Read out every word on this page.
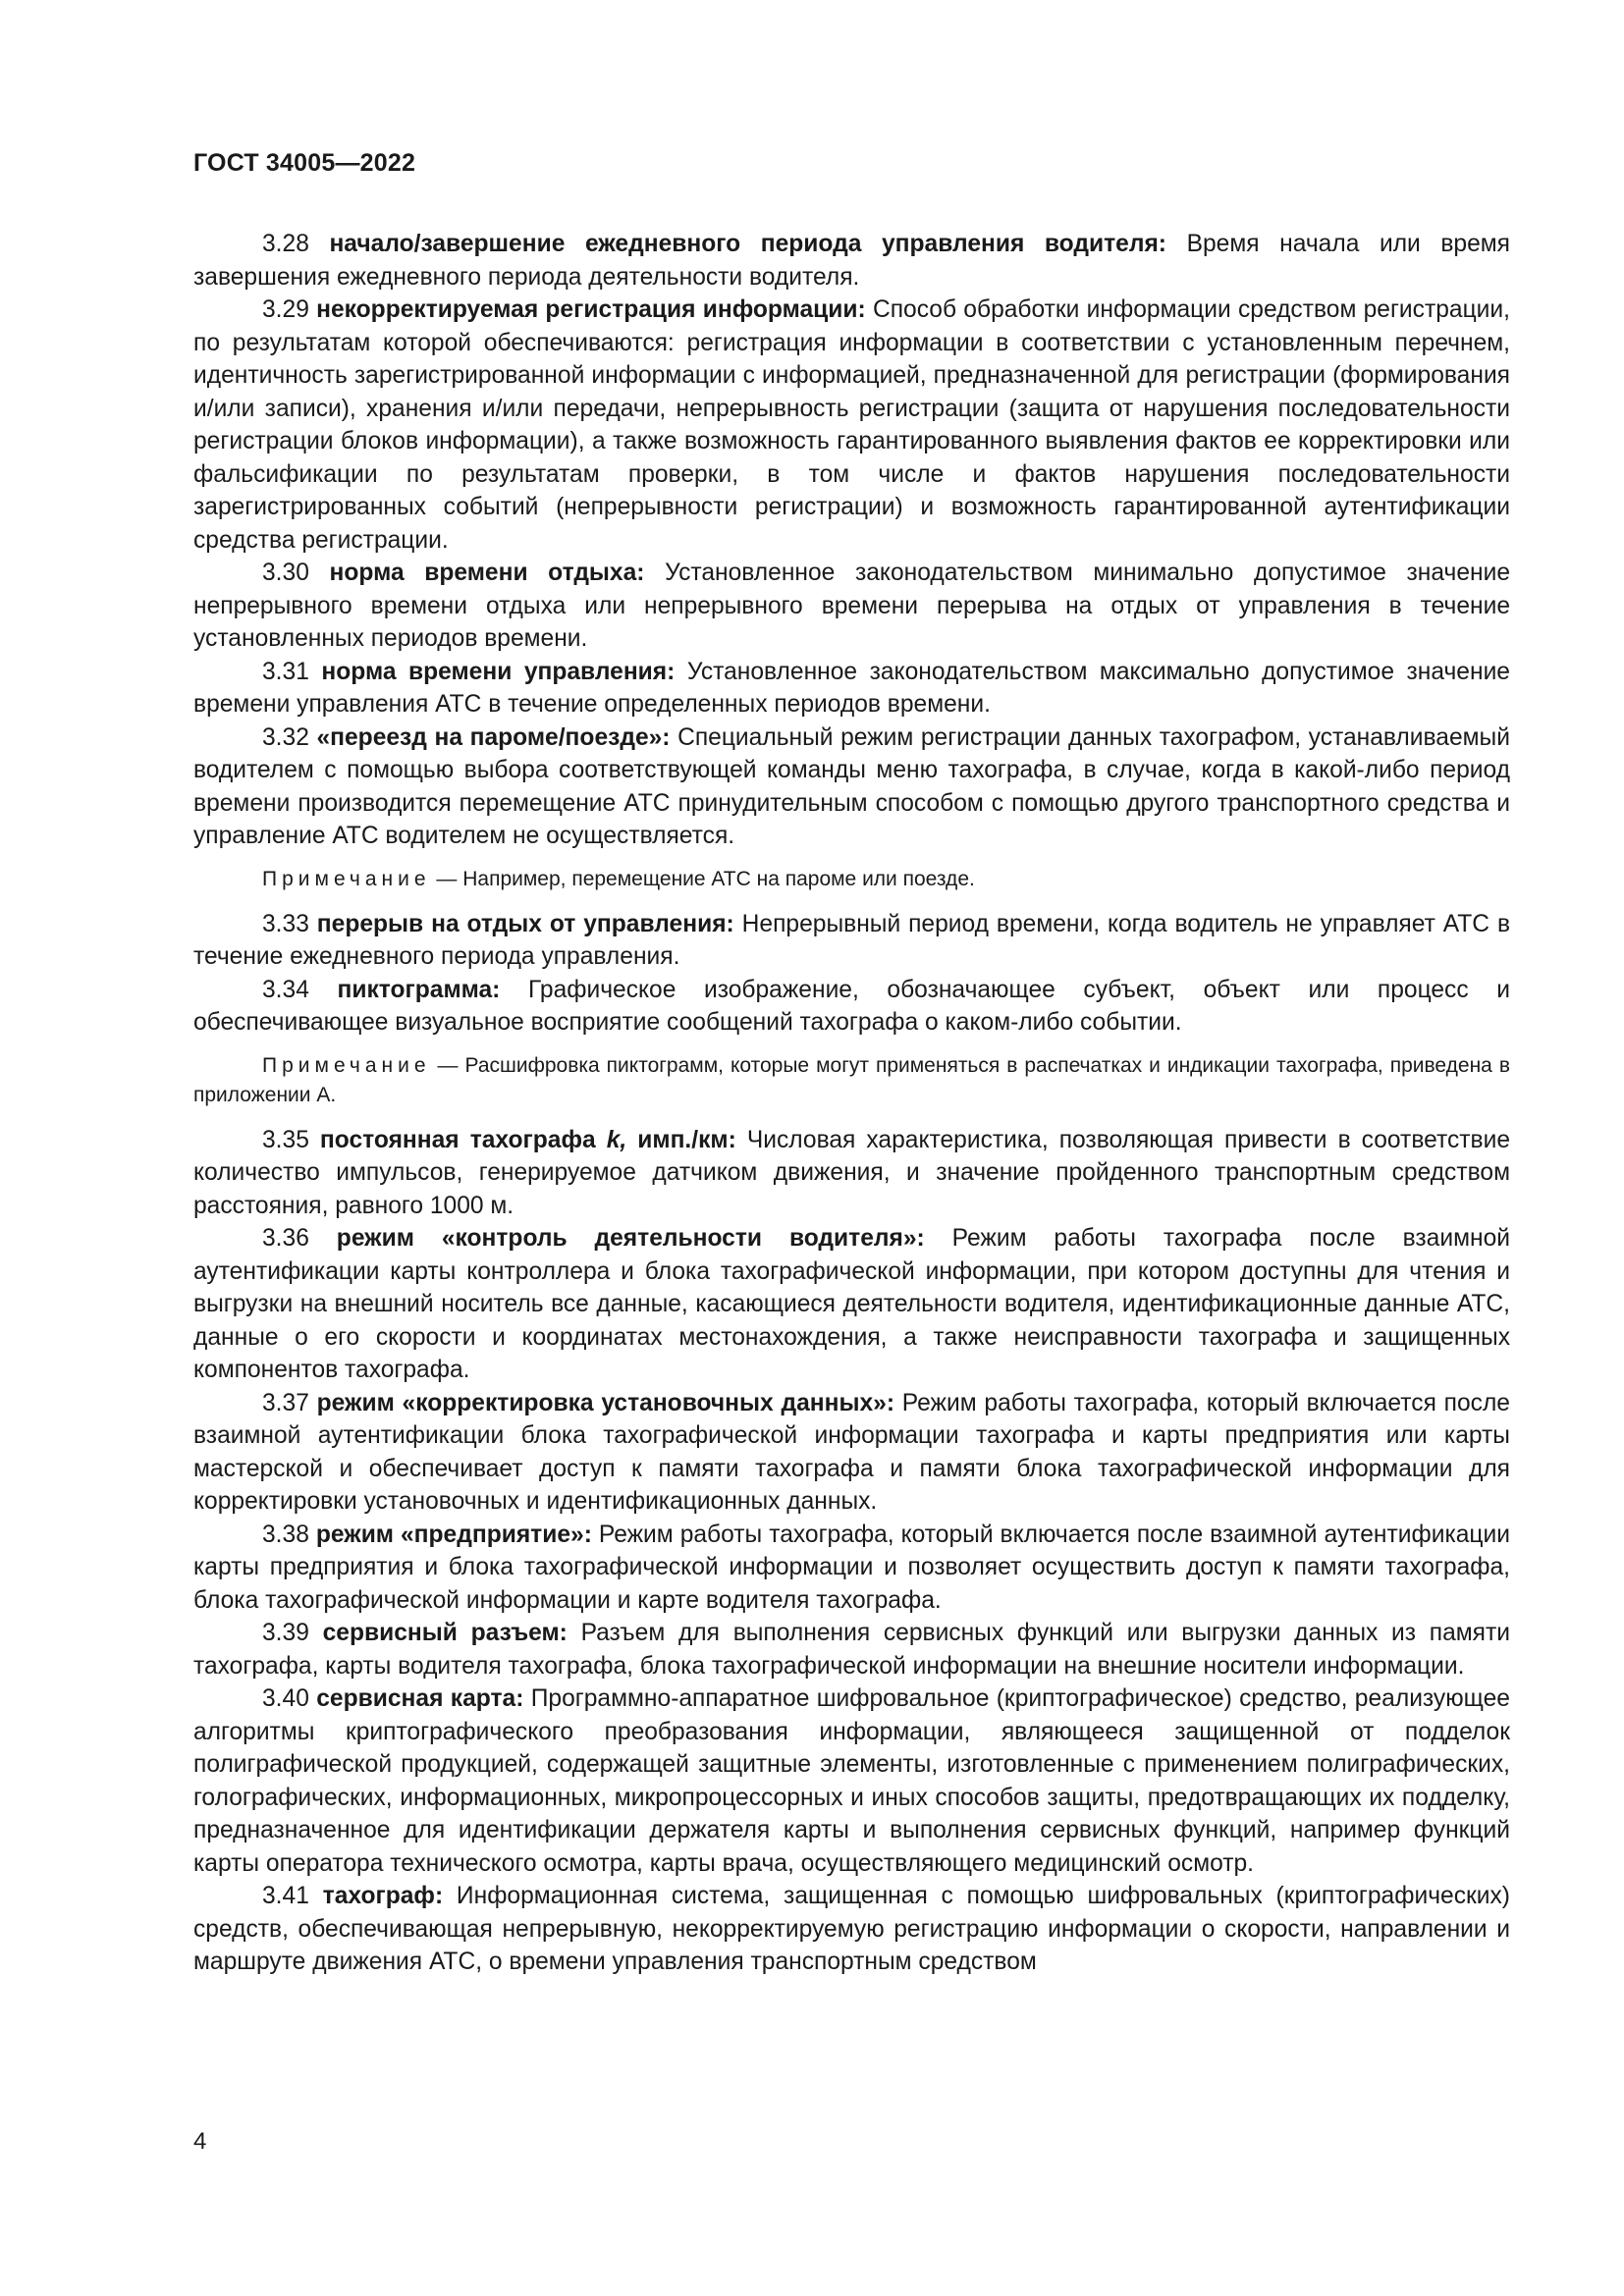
ГОСТ 34005—2022

3.28 начало/завершение ежедневного периода управления водителя: Время начала или время завершения ежедневного периода деятельности водителя.

3.29 некорректируемая регистрация информации: Способ обработки информации средством регистрации, по результатам которой обеспечиваются: регистрация информации в соответствии с установленным перечнем, идентичность зарегистрированной информации с информацией, предназначенной для регистрации (формирования и/или записи), хранения и/или передачи, непрерывность регистрации (защита от нарушения последовательности регистрации блоков информации), а также возможность гарантированного выявления фактов ее корректировки или фальсификации по результатам проверки, в том числе и фактов нарушения последовательности зарегистрированных событий (непрерывности регистрации) и возможность гарантированной аутентификации средства регистрации.

3.30 норма времени отдыха: Установленное законодательством минимально допустимое значение непрерывного времени отдыха или непрерывного времени перерыва на отдых от управления в течение установленных периодов времени.

3.31 норма времени управления: Установленное законодательством максимально допустимое значение времени управления АТС в течение определенных периодов времени.

3.32 «переезд на пароме/поезде»: Специальный режим регистрации данных тахографом, устанавливаемый водителем с помощью выбора соответствующей команды меню тахографа, в случае, когда в какой-либо период времени производится перемещение АТС принудительным способом с помощью другого транспортного средства и управление АТС водителем не осуществляется.

Примечание — Например, перемещение АТС на пароме или поезде.

3.33 перерыв на отдых от управления: Непрерывный период времени, когда водитель не управляет АТС в течение ежедневного периода управления.

3.34 пиктограмма: Графическое изображение, обозначающее субъект, объект или процесс и обеспечивающее визуальное восприятие сообщений тахографа о каком-либо событии.

Примечание — Расшифровка пиктограмм, которые могут применяться в распечатках и индикации тахографа, приведена в приложении А.

3.35 постоянная тахографа k, имп./км: Числовая характеристика, позволяющая привести в соответствие количество импульсов, генерируемое датчиком движения, и значение пройденного транспортным средством расстояния, равного 1000 м.

3.36 режим «контроль деятельности водителя»: Режим работы тахографа после взаимной аутентификации карты контроллера и блока тахографической информации, при котором доступны для чтения и выгрузки на внешний носитель все данные, касающиеся деятельности водителя, идентификационные данные АТС, данные о его скорости и координатах местонахождения, а также неисправности тахографа и защищенных компонентов тахографа.

3.37 режим «корректировка установочных данных»: Режим работы тахографа, который включается после взаимной аутентификации блока тахографической информации тахографа и карты предприятия или карты мастерской и обеспечивает доступ к памяти тахографа и памяти блока тахографической информации для корректировки установочных и идентификационных данных.

3.38 режим «предприятие»: Режим работы тахографа, который включается после взаимной аутентификации карты предприятия и блока тахографической информации и позволяет осуществить доступ к памяти тахографа, блока тахографической информации и карте водителя тахографа.

3.39 сервисный разъем: Разъем для выполнения сервисных функций или выгрузки данных из памяти тахографа, карты водителя тахографа, блока тахографической информации на внешние носители информации.

3.40 сервисная карта: Программно-аппаратное шифровальное (криптографическое) средство, реализующее алгоритмы криптографического преобразования информации, являющееся защищенной от подделок полиграфической продукцией, содержащей защитные элементы, изготовленные с применением полиграфических, голографических, информационных, микропроцессорных и иных способов защиты, предотвращающих их подделку, предназначенное для идентификации держателя карты и выполнения сервисных функций, например функций карты оператора технического осмотра, карты врача, осуществляющего медицинский осмотр.

3.41 тахограф: Информационная система, защищенная с помощью шифровальных (криптографических) средств, обеспечивающая непрерывную, некорректируемую регистрацию информации о скорости, направлении и маршруте движения АТС, о времени управления транспортным средством

4
